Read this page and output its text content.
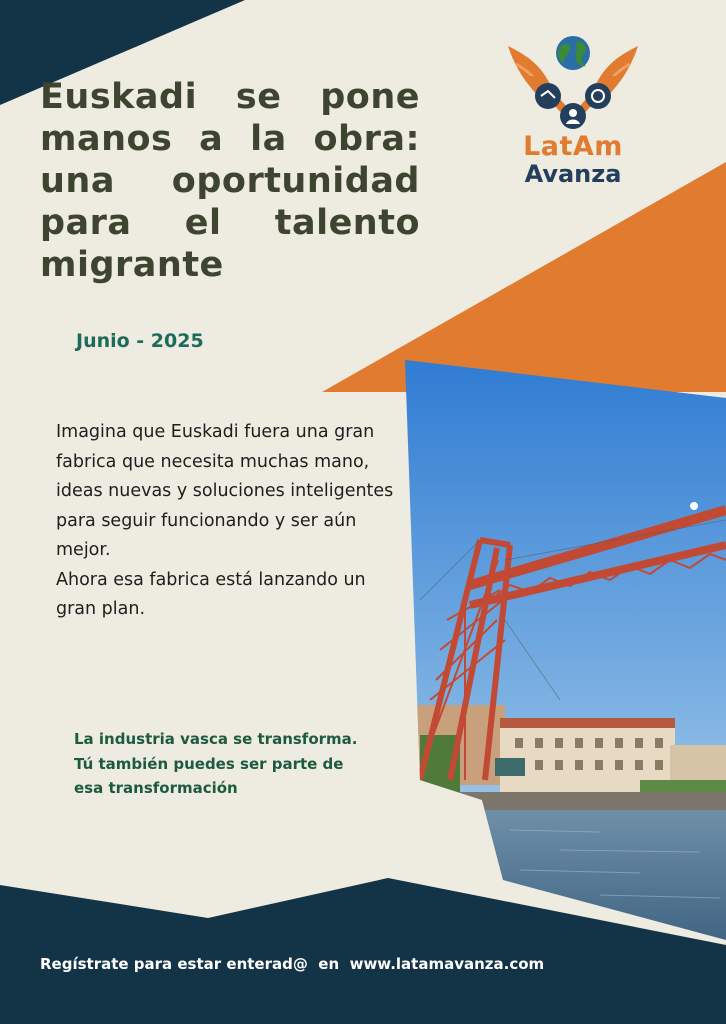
LatAm

Avanza

Euskadi se pone manos a la obra: una oportunidad para el talento migrante

Junio - 2025

Imagina que Euskadi fuera una gran fabrica que necesita muchas mano, ideas nuevas y soluciones inteligentes para seguir funcionando y ser aún mejor.

Ahora esa fabrica está lanzando un gran plan.

La industria vasca se transforma. Tú también puedes ser parte de esa transformación

Regístrate para estar enterad@  en  www.latamavanza.com
